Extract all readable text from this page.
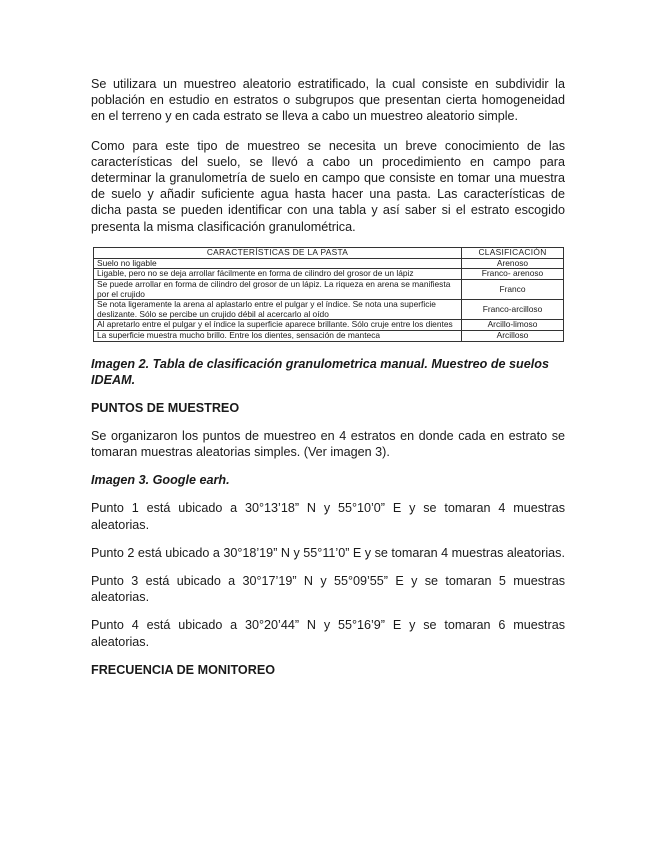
Se utilizara un muestreo aleatorio estratificado, la cual consiste en subdividir la población en estudio en estratos o subgrupos que presentan cierta homogeneidad en el terreno y en cada estrato se lleva a cabo un muestreo aleatorio simple.

Como para este tipo de muestreo se necesita un breve conocimiento de las características del suelo, se llevó a cabo un procedimiento en campo para determinar la granulometría de suelo en campo que consiste en tomar una muestra de suelo y añadir suficiente agua hasta hacer una pasta. Las características de dicha pasta se pueden identificar con una tabla y así saber si el estrato escogido presenta la misma clasificación granulométrica.

CARACTERÍSTICAS DE LA PASTA	CLASIFICACIÓN
Suelo no ligable	Arenoso
Ligable, pero no se deja arrollar fácilmente en forma de cilindro del grosor de un lápiz	Franco- arenoso
Se puede arrollar en forma de cilindro del grosor de un lápiz. La riqueza en arena se manifiesta por el crujido	Franco
Se nota ligeramente la arena al aplastarlo entre el pulgar y el índice. Se nota una superficie deslizante. Sólo se percibe un crujido débil al acercarlo al oído	Franco-arcilloso
Al apretarlo entre el pulgar y el índice la superficie aparece brillante. Sólo cruje entre los dientes	Arcillo-limoso
La superficie muestra mucho brillo. Entre los dientes, sensación de manteca	Arcilloso
Imagen 2. Tabla de clasificación granulometrica manual. Muestreo de suelos IDEAM.
PUNTOS DE MUESTREO

Se organizaron los puntos de muestreo en 4 estratos en donde cada en estrato se tomaran muestras aleatorias simples. (Ver imagen 3).

Imagen 3. Google earh.

Punto 1 está ubicado a 30°13’18” N y 55°10’0” E y se tomaran 4 muestras aleatorias.

Punto 2 está ubicado a 30°18’19” N y 55°11’0” E y se tomaran 4 muestras aleatorias.

Punto 3 está ubicado a 30°17’19” N y 55°09’55” E y se tomaran 5 muestras aleatorias.

Punto 4 está ubicado a 30°20’44” N y 55°16’9” E y se tomaran 6 muestras aleatorias.

FRECUENCIA DE MONITOREO
